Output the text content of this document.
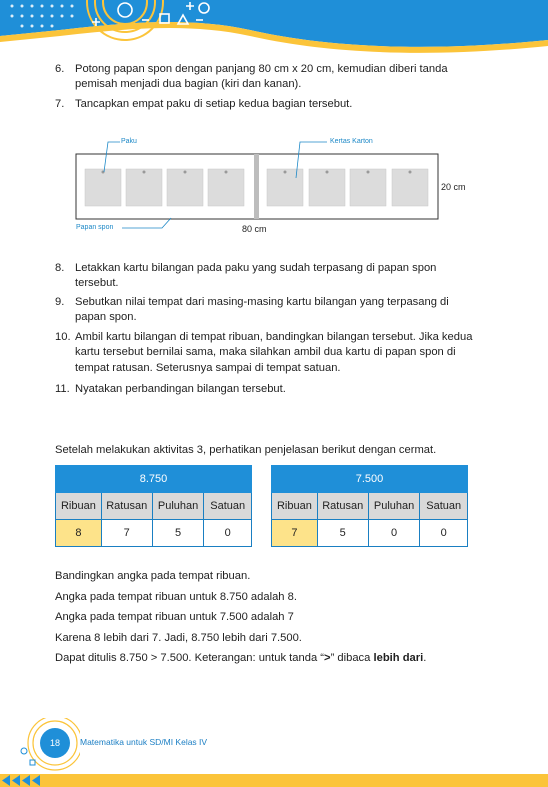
6. Potong papan spon dengan panjang 80 cm x 20 cm, kemudian diberi tanda pemisah menjadi dua bagian (kiri dan kanan).
7. Tancapkan empat paku di setiap kedua bagian tersebut.
8. Letakkan kartu bilangan pada paku yang sudah terpasang di papan spon tersebut.
9. Sebutkan nilai tempat dari masing-masing kartu bilangan yang terpasang di papan spon.
10. Ambil kartu bilangan di tempat ribuan, bandingkan bilangan tersebut. Jika kedua kartu tersebut bernilai sama, maka silahkan ambil dua kartu di papan spon di tempat ratusan. Seterusnya sampai di tempat satuan.
11. Nyatakan perbandingan bilangan tersebut.
Paku	Kertas Karton
Papan spon	80 cm
20 cm
Setelah melakukan aktivitas 3, perhatikan penjelasan berikut dengan cermat.
8.750			
Ribuan	Ratusan	Puluhan	Satuan
8	7	5	0
7.500			
Ribuan	Ratusan	Puluhan	Satuan
7	5	0	0
Bandingkan angka pada tempat ribuan.
Angka pada tempat ribuan untuk 8.750 adalah 8.
Angka pada tempat ribuan untuk 7.500 adalah 7
Karena 8 lebih dari 7. Jadi, 8.750 lebih dari 7.500.
Dapat ditulis 8.750 > 7.500. Keterangan: untuk tanda “>” dibaca lebih dari.
18	Matematika untuk SD/MI Kelas IV
